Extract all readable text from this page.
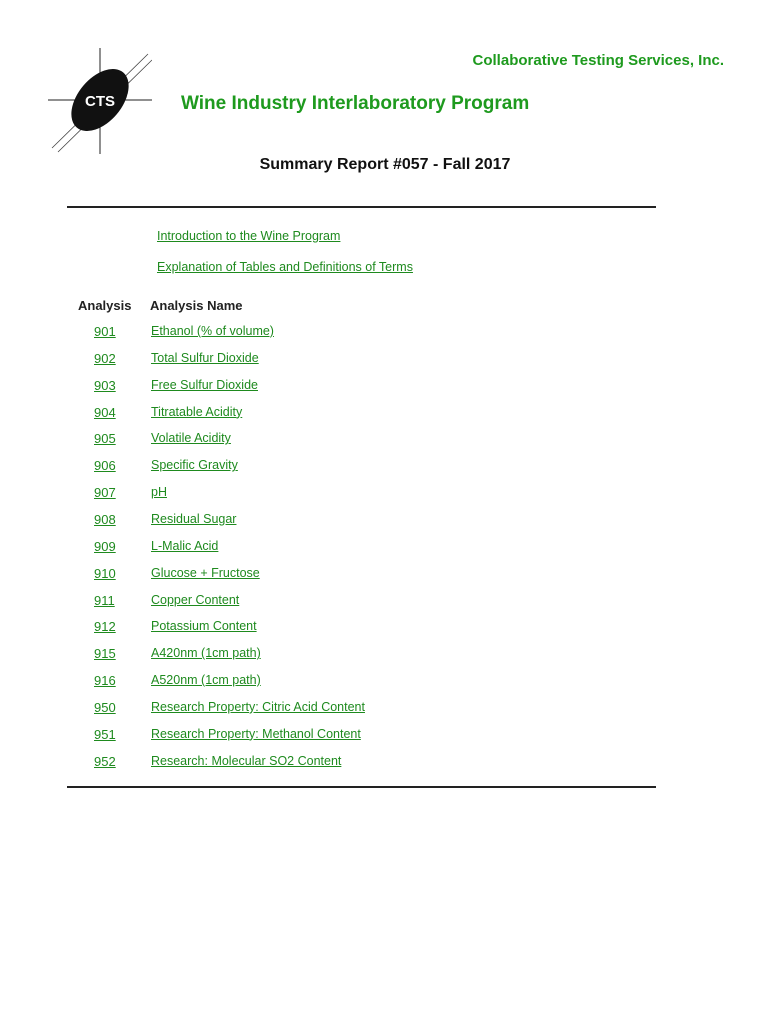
Collaborative Testing Services, Inc.
CTS	Wine Industry Interlaboratory Program
Summary Report #057 - Fall 2017
Introduction to the Wine Program
Explanation of Tables and Definitions of Terms
Analysis Analysis Name
901	Ethanol (% of volume)
902	Total Sulfur Dioxide
903	Free Sulfur Dioxide
904	Titratable Acidity
905	Volatile Acidity
906	Specific Gravity
907	pH
908	Residual Sugar
909	L-Malic Acid
910	Glucose + Fructose
911	Copper Content
912	Potassium Content
915	A420nm (1cm path)
916	A520nm (1cm path)
950	Research Property: Citric Acid Content
951	Research Property: Methanol Content
952	Research: Molecular SO2 Content
